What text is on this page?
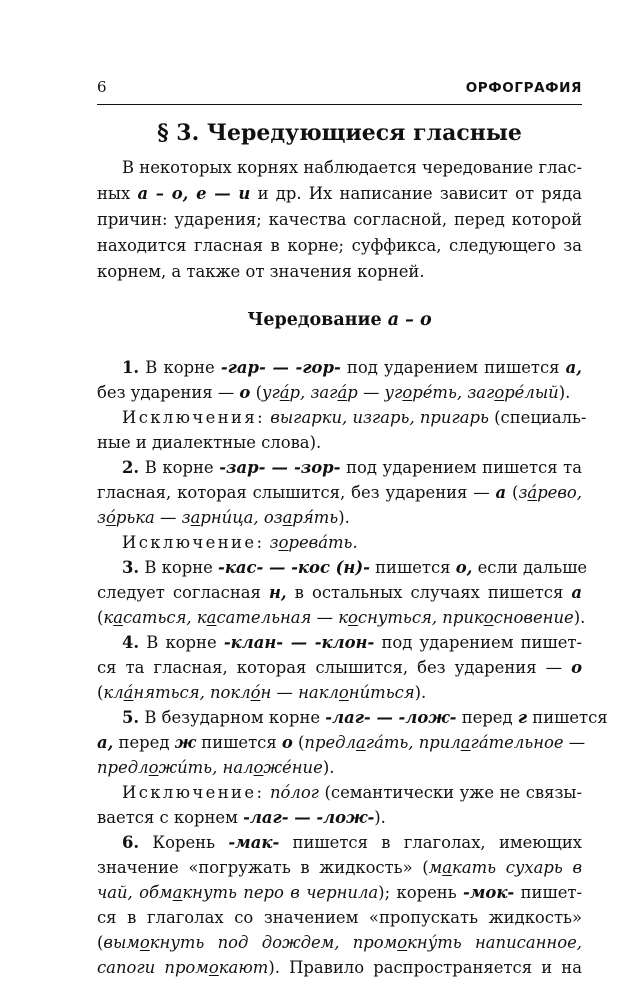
6	ОРФОГРАФИЯ
§ 3. Чередующиеся гласные
В некоторых корнях наблюдается чередование глас-
ных а – о, е — и и др. Их написание зависит от ряда
причин: ударения; качества согласной, перед которой
находится гласная в корне; суффикса, следующего за
корнем, а также от значения корней.
Чередование а – о
1. В корне -гар- — -гор- под ударением пишется а,
без ударения — о (угáр, загáр — угоре́ть, загоре́лый).
Исключения: выгарки, изгарь, пригарь (специаль-
ные и диалектные слова).
2. В корне -зар- — -зор- под ударением пишется та
гласная, которая слышится, без ударения — а (зáрево,
зóрька — зарни́ца, озаря́ть).
Исключение: зорева́ть.
3. В корне -кас- — -кос (н)- пишется о, если дальше
следует согласная н, в остальных случаях пишется а
(касаться, касательная — коснуться, прикосновение).
4. В корне -клан- — -клон- под ударением пишет-
ся та гласная, которая слышится, без ударения — о
(клáняться, поклóн — наклони́ться).
5. В безударном корне -лаг- — -лож- перед г пишется
а, перед ж пишется о (предлага́ть, прилага́тельное —
предложи́ть, наложе́ние).
Исключение: пóлог (семантически уже не связы-
вается с корнем -лаг- — -лож-).
6. Корень -мак- пишется в глаголах, имеющих
значение «погружать в жидкость» (макать сухарь в
чай, обмакнуть перо в чернила); корень -мок- пишет-
ся в глаголах со значением «пропускать жидкость»
(вымокнуть под дождем, промокну́ть написанное,
сапоги промокают). Правило распространяется и на
